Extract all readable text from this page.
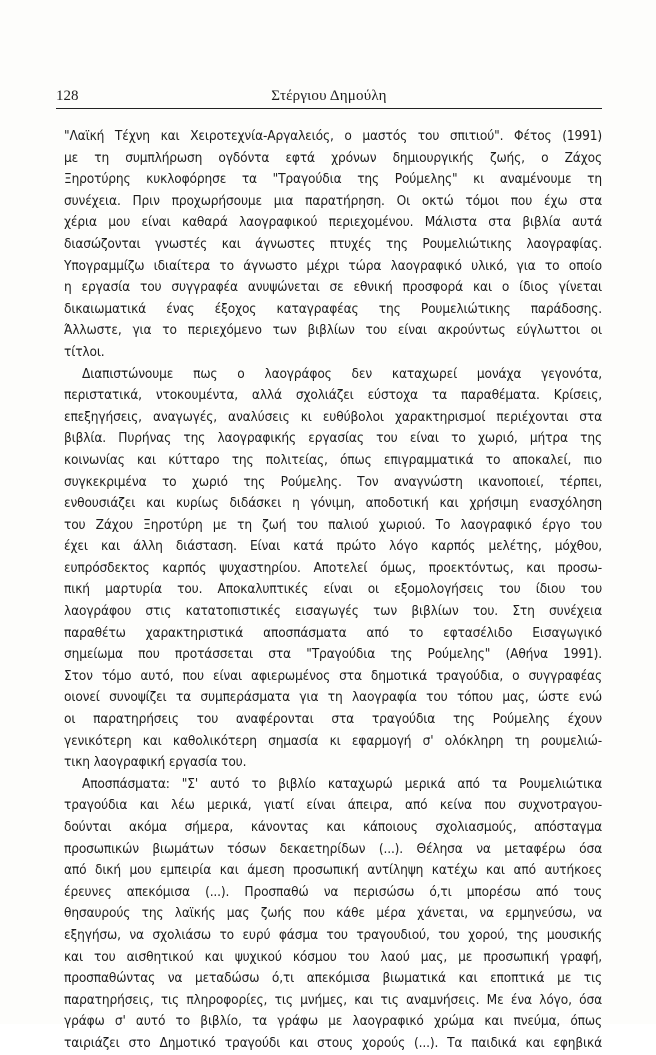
128	Στέργιου Δημούλη
"Λαϊκή Τέχνη και Χειροτεχνία-Αργαλειός, ο μαστός του σπιτιού". Φέτος (1991)
με τη συμπλήρωση ογδόντα εφτά χρόνων δημιουργικής ζωής, ο Ζάχος
Ξηροτύρης κυκλοφόρησε τα "Τραγούδια της Ρούμελης" κι αναμένουμε τη
συνέχεια. Πριν προχωρήσουμε μια παρατήρηση. Οι οκτώ τόμοι που έχω στα
χέρια μου είναι καθαρά λαογραφικού περιεχομένου. Μάλιστα στα βιβλία αυτά
διασώζονται γνωστές και άγνωστες πτυχές της Ρουμελιώτικης λαογραφίας.
Υπογραμμίζω ιδιαίτερα το άγνωστο μέχρι τώρα λαογραφικό υλικό, για το οποίο
η εργασία του συγγραφέα ανυψώνεται σε εθνική προσφορά και ο ίδιος γίνεται
δικαιωματικά ένας έξοχος καταγραφέας της Ρουμελιώτικης παράδοσης.
Άλλωστε, για το περιεχόμενο των βιβλίων του είναι ακρούντως εύγλωττοι οι
τίτλοι.
Διαπιστώνουμε πως ο λαογράφος δεν καταχωρεί μονάχα γεγονότα,
περιστατικά, ντοκουμέντα, αλλά σχολιάζει εύστοχα τα παραθέματα. Κρίσεις,
επεξηγήσεις, αναγωγές, αναλύσεις κι ευθύβολοι χαρακτηρισμοί περιέχονται στα
βιβλία. Πυρήνας της λαογραφικής εργασίας του είναι το χωριό, μήτρα της
κοινωνίας και κύτταρο της πολιτείας, όπως επιγραμματικά το αποκαλεί, πιο
συγκεκριμένα το χωριό της Ρούμελης. Τον αναγνώστη ικανοποιεί, τέρπει,
ενθουσιάζει και κυρίως διδάσκει η γόνιμη, αποδοτική και χρήσιμη ενασχόληση
του Ζάχου Ξηροτύρη με τη ζωή του παλιού χωριού. Το λαογραφικό έργο του
έχει και άλλη διάσταση. Είναι κατά πρώτο λόγο καρπός μελέτης, μόχθου,
ευπρόσδεκτος καρπός ψυχαστηρίου. Αποτελεί όμως, προεκτόντως, και προσω-
πική μαρτυρία του. Αποκαλυπτικές είναι οι εξομολογήσεις του ίδιου του
λαογράφου στις κατατοπιστικές εισαγωγές των βιβλίων του. Στη συνέχεια
παραθέτω χαρακτηριστικά αποσπάσματα από το εφτασέλιδο Εισαγωγικό
σημείωμα που προτάσσεται στα "Τραγούδια της Ρούμελης" (Αθήνα 1991).
Στον τόμο αυτό, που είναι αφιερωμένος στα δημοτικά τραγούδια, ο συγγραφέας
οιονεί συνοψίζει τα συμπεράσματα για τη λαογραφία του τόπου μας, ώστε ενώ
οι παρατηρήσεις του αναφέρονται στα τραγούδια της Ρούμελης έχουν
γενικότερη και καθολικότερη σημασία κι εφαρμογή σ' ολόκληρη τη ρουμελιώ-
τικη λαογραφική εργασία του.
Αποσπάσματα: "Σ' αυτό το βιβλίο καταχωρώ μερικά από τα Ρουμελιώτικα
τραγούδια και λέω μερικά, γιατί είναι άπειρα, από κείνα που συχνοτραγου-
δούνται ακόμα σήμερα, κάνοντας και κάποιους σχολιασμούς, απόσταγμα
προσωπικών βιωμάτων τόσων δεκαετηρίδων (...). Θέλησα να μεταφέρω όσα
από δική μου εμπειρία και άμεση προσωπική αντίληψη κατέχω και από αυτήκοες
έρευνες απεκόμισα (...). Προσπαθώ να περισώσω ό,τι μπορέσω από τους
θησαυρούς της λαϊκής μας ζωής που κάθε μέρα χάνεται, να ερμηνεύσω, να
εξηγήσω, να σχολιάσω το ευρύ φάσμα του τραγουδιού, του χορού, της μουσικής
και του αισθητικού και ψυχικού κόσμου του λαού μας, με προσωπική γραφή,
προσπαθώντας να μεταδώσω ό,τι απεκόμισα βιωματικά και εποπτικά με τις
παρατηρήσεις, τις πληροφορίες, τις μνήμες, και τις αναμνήσεις. Με ένα λόγο, όσα
γράφω σ' αυτό το βιβλίο, τα γράφω με λαογραφικό χρώμα και πνεύμα, όπως
ταιριάζει στο Δημοτικό τραγούδι και στους χορούς (...). Τα παιδικά και εφηβικά
